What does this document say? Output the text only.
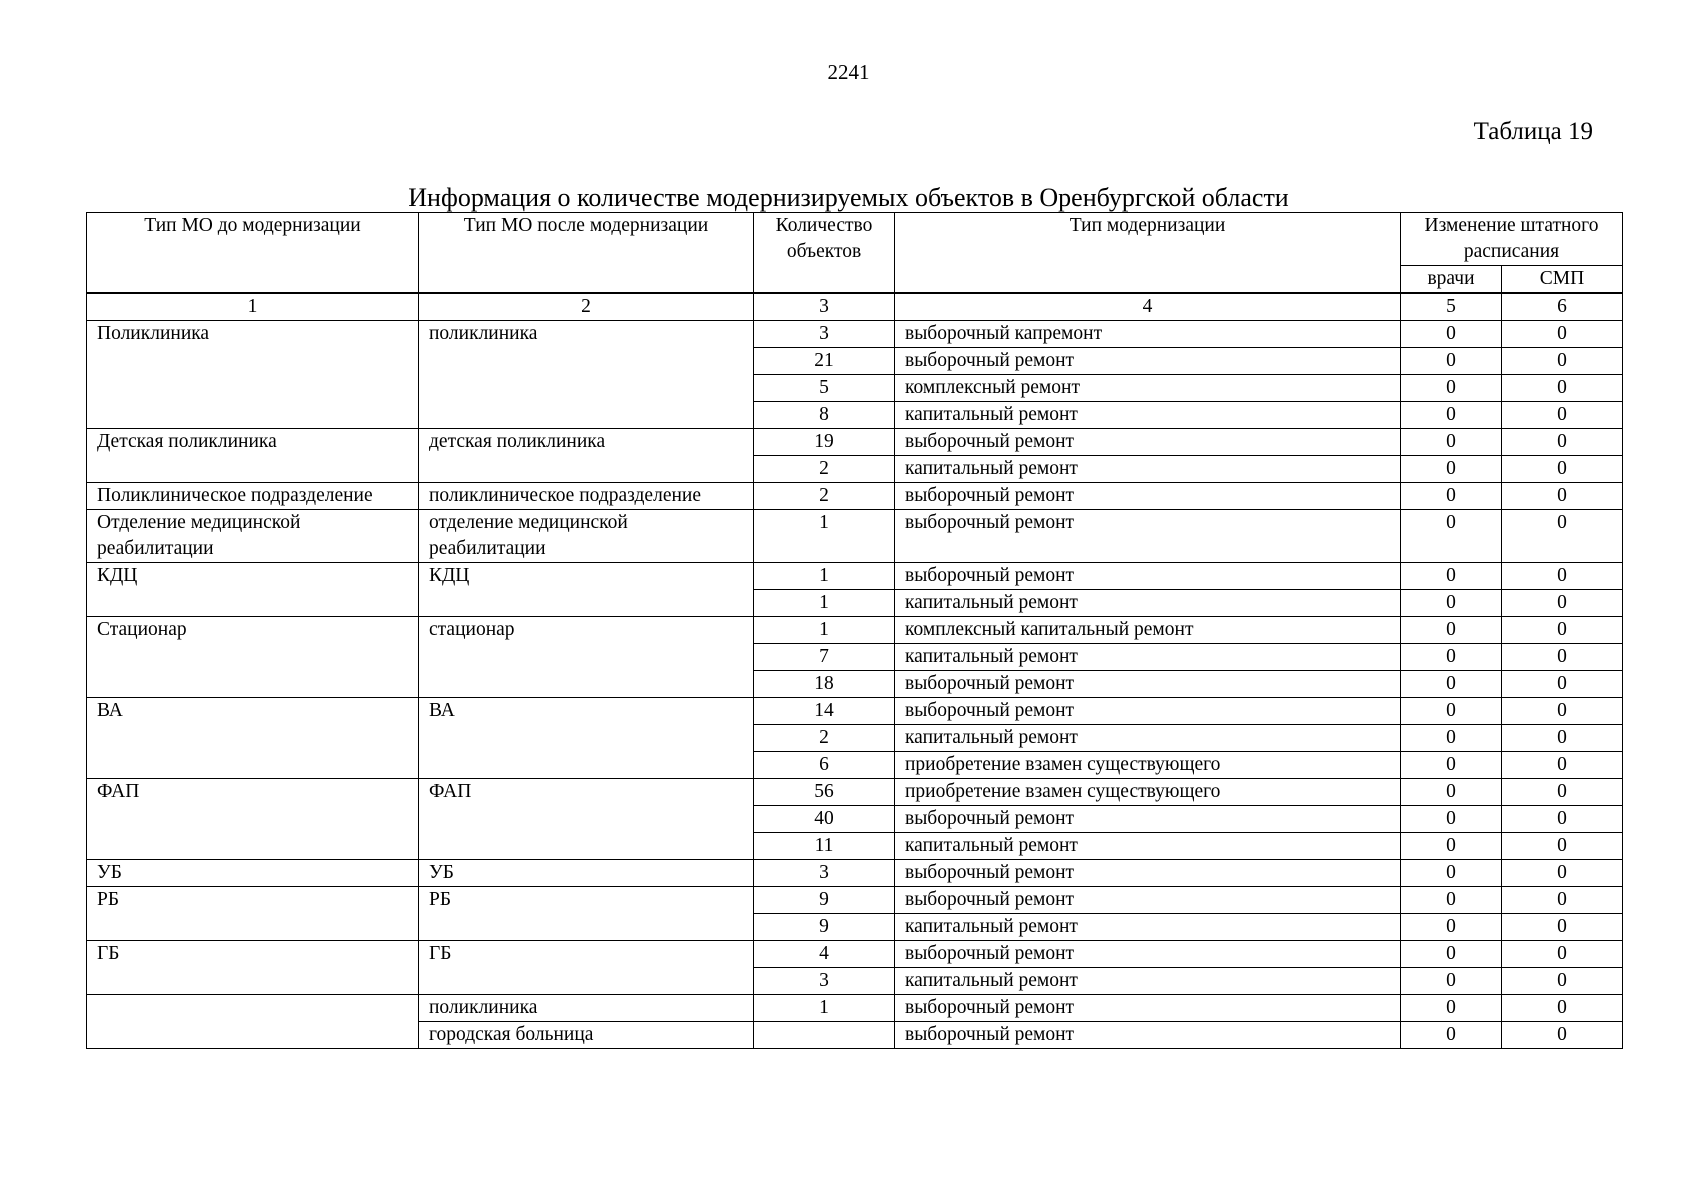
2241
Таблица 19
Информация о количестве модернизируемых объектов в Оренбургской области
Тип МО до модернизации	Тип МО после модернизации	Количество объектов	Тип модернизации	Изменение штатного расписания	
				врачи	СМП
1	2	3	4	5	6
Поликлиника	поликлиника	3	выборочный капремонт	0	0
		21	выборочный ремонт	0	0
		5	комплексный ремонт	0	0
		8	капитальный ремонт	0	0
Детская поликлиника	детская поликлиника	19	выборочный ремонт	0	0
		2	капитальный ремонт	0	0
Поликлиническое подразделение	поликлиническое подразделение	2	выборочный ремонт	0	0
Отделение медицинской реабилитации	отделение медицинской реабилитации	1	выборочный ремонт	0	0
КДЦ	КДЦ	1	выборочный ремонт	0	0
		1	капитальный ремонт	0	0
Стационар	стационар	1	комплексный капитальный ремонт	0	0
		7	капитальный ремонт	0	0
		18	выборочный ремонт	0	0
ВА	ВА	14	выборочный ремонт	0	0
		2	капитальный ремонт	0	0
		6	приобретение взамен существующего	0	0
ФАП	ФАП	56	приобретение взамен существующего	0	0
		40	выборочный ремонт	0	0
		11	капитальный ремонт	0	0
УБ	УБ	3	выборочный ремонт	0	0
РБ	РБ	9	выборочный ремонт	0	0
		9	капитальный ремонт	0	0
ГБ	ГБ	4	выборочный ремонт	0	0
		3	капитальный ремонт	0	0
	поликлиника	1	выборочный ремонт	0	0
	городская больница		выборочный ремонт	0	0
